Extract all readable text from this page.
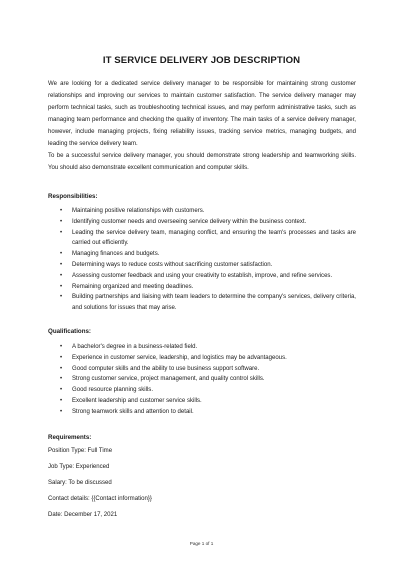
IT SERVICE DELIVERY JOB DESCRIPTION

We are looking for a dedicated service delivery manager to be responsible for maintaining strong customer relationships and improving our services to maintain customer satisfaction. The service delivery manager may perform technical tasks, such as troubleshooting technical issues, and may perform administrative tasks, such as managing team performance and checking the quality of inventory. The main tasks of a service delivery manager, however, include managing projects, fixing reliability issues, tracking service metrics, managing budgets, and leading the service delivery team.

To be a successful service delivery manager, you should demonstrate strong leadership and teamworking skills. You should also demonstrate excellent communication and computer skills.

Responsibilities:
• Maintaining positive relationships with customers.
• Identifying customer needs and overseeing service delivery within the business context.
• Leading the service delivery team, managing conflict, and ensuring the team's processes and tasks are carried out efficiently.
• Managing finances and budgets.
• Determining ways to reduce costs without sacrificing customer satisfaction.
• Assessing customer feedback and using your creativity to establish, improve, and refine services.
• Remaining organized and meeting deadlines.
• Building partnerships and liaising with team leaders to determine the company's services, delivery criteria, and solutions for issues that may arise.
Qualifications:
• A bachelor's degree in a business-related field.
• Experience in customer service, leadership, and logistics may be advantageous.
• Good computer skills and the ability to use business support software.
• Strong customer service, project management, and quality control skills.
• Good resource planning skills.
• Excellent leadership and customer service skills.
• Strong teamwork skills and attention to detail.
Requirements:
Position Type: Full Time
Job Type: Experienced
Salary: To be discussed
Contact details: {{Contact information}}
Date: December 17, 2021
Page 1 of 1
